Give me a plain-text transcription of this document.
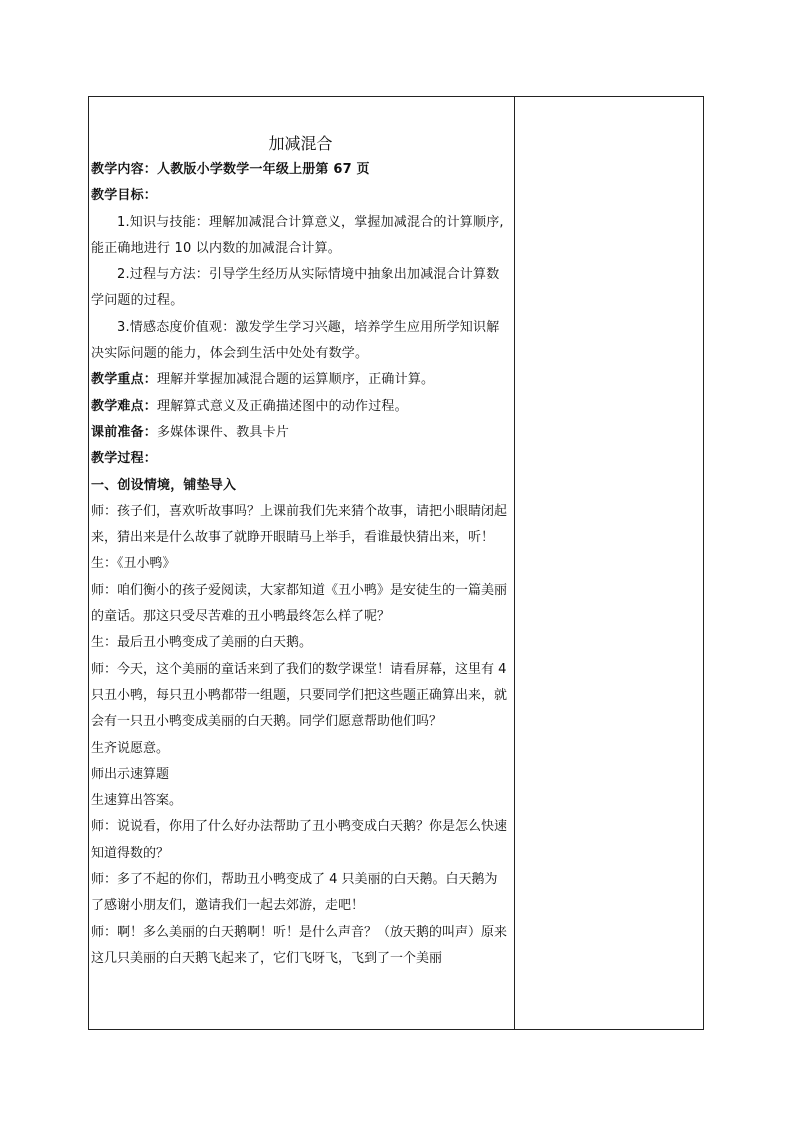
加减混合

教学内容：人教版小学数学一年级上册第 67 页

教学目标：

1.知识与技能：理解加减混合计算意义，掌握加减混合的计算顺序,能正确地进行 10 以内数的加减混合计算。

2.过程与方法：引导学生经历从实际情境中抽象出加减混合计算数学问题的过程。

3.情感态度价值观：激发学生学习兴趣，培养学生应用所学知识解决实际问题的能力，体会到生活中处处有数学。

教学重点：理解并掌握加减混合题的运算顺序，正确计算。

教学难点：理解算式意义及正确描述图中的动作过程。

课前准备：多媒体课件、教具卡片

教学过程：

一、创设情境，铺垫导入

师：孩子们，喜欢听故事吗？上课前我们先来猜个故事，请把小眼睛闭起来，猜出来是什么故事了就睁开眼睛马上举手，看谁最快猜出来，听！

生：《丑小鸭》

师：咱们衡小的孩子爱阅读，大家都知道《丑小鸭》是安徒生的一篇美丽的童话。那这只受尽苦难的丑小鸭最终怎么样了呢？

生：最后丑小鸭变成了美丽的白天鹅。

师：今天，这个美丽的童话来到了我们的数学课堂！请看屏幕，这里有 4 只丑小鸭，每只丑小鸭都带一组题，只要同学们把这些题正确算出来，就会有一只丑小鸭变成美丽的白天鹅。同学们愿意帮助他们吗？

生齐说愿意。

师出示速算题

生速算出答案。

师：说说看，你用了什么好办法帮助了丑小鸭变成白天鹅？你是怎么快速知道得数的？

师：多了不起的你们，帮助丑小鸭变成了 4 只美丽的白天鹅。白天鹅为了感谢小朋友们，邀请我们一起去郊游，走吧！

师：啊！多么美丽的白天鹅啊！听！是什么声音？（放天鹅的叫声）原来这几只美丽的白天鹅飞起来了，它们飞呀飞，飞到了一个美丽
